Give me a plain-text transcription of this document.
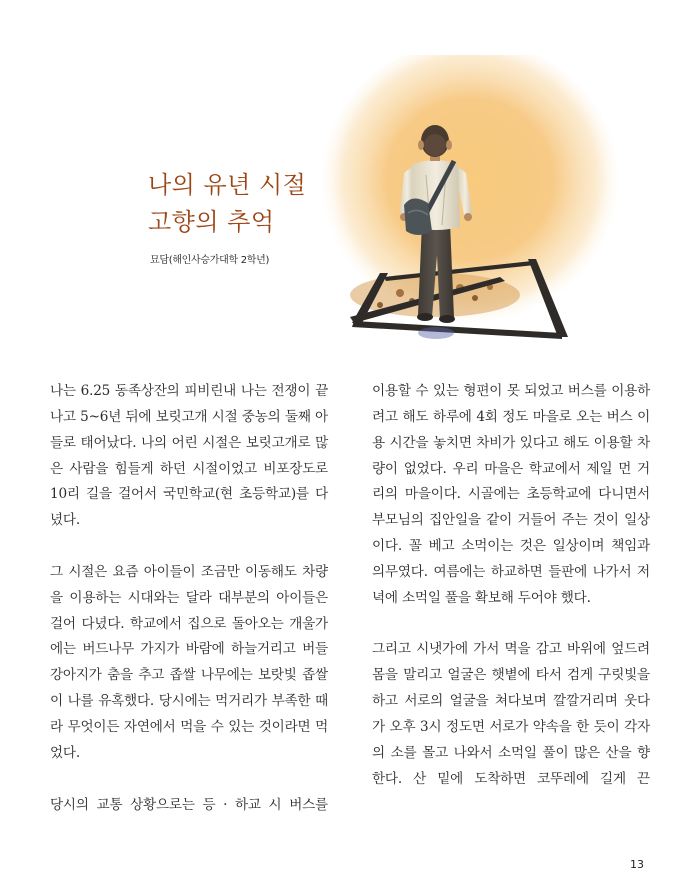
나의 유년 시절
고향의 추억

묘담(해인사승가대학 2학년)

나는 6.25 동족상잔의 피비린내 나는 전쟁이 끝나고 5~6년 뒤에 보릿고개 시절 중농의 둘째 아들로 태어났다. 나의 어린 시절은 보릿고개로 많은 사람을 힘들게 하던 시절이었고 비포장도로 10리 길을 걸어서 국민학교(현 초등학교)를 다녔다.

그 시절은 요즘 아이들이 조금만 이동해도 차량을 이용하는 시대와는 달라 대부분의 아이들은 걸어 다녔다. 학교에서 집으로 돌아오는 개울가에는 버드나무 가지가 바람에 하늘거리고 버들강아지가 춤을 추고 좁쌀 나무에는 보랏빛 좁쌀이 나를 유혹했다. 당시에는 먹거리가 부족한 때라 무엇이든 자연에서 먹을 수 있는 것이라면 먹었다.

당시의 교통 상황으로는 등 · 하교 시 버스를

이용할 수 있는 형편이 못 되었고 버스를 이용하려고 해도 하루에 4회 정도 마을로 오는 버스 이용 시간을 놓치면 차비가 있다고 해도 이용할 차량이 없었다. 우리 마을은 학교에서 제일 먼 거리의 마을이다. 시골에는 초등학교에 다니면서 부모님의 집안일을 같이 거들어 주는 것이 일상이다. 꼴 베고 소먹이는 것은 일상이며 책임과 의무였다. 여름에는 하교하면 들판에 나가서 저녁에 소먹일 풀을 확보해 두어야 했다.

그리고 시냇가에 가서 멱을 감고 바위에 엎드려 몸을 말리고 얼굴은 햇볕에 타서 검게 구릿빛을 하고 서로의 얼굴을 쳐다보며 깔깔거리며 웃다가 오후 3시 정도면 서로가 약속을 한 듯이 각자의 소를 몰고 나와서 소먹일 풀이 많은 산을 향한다. 산 밑에 도착하면 코뚜레에 길게 끈

13
